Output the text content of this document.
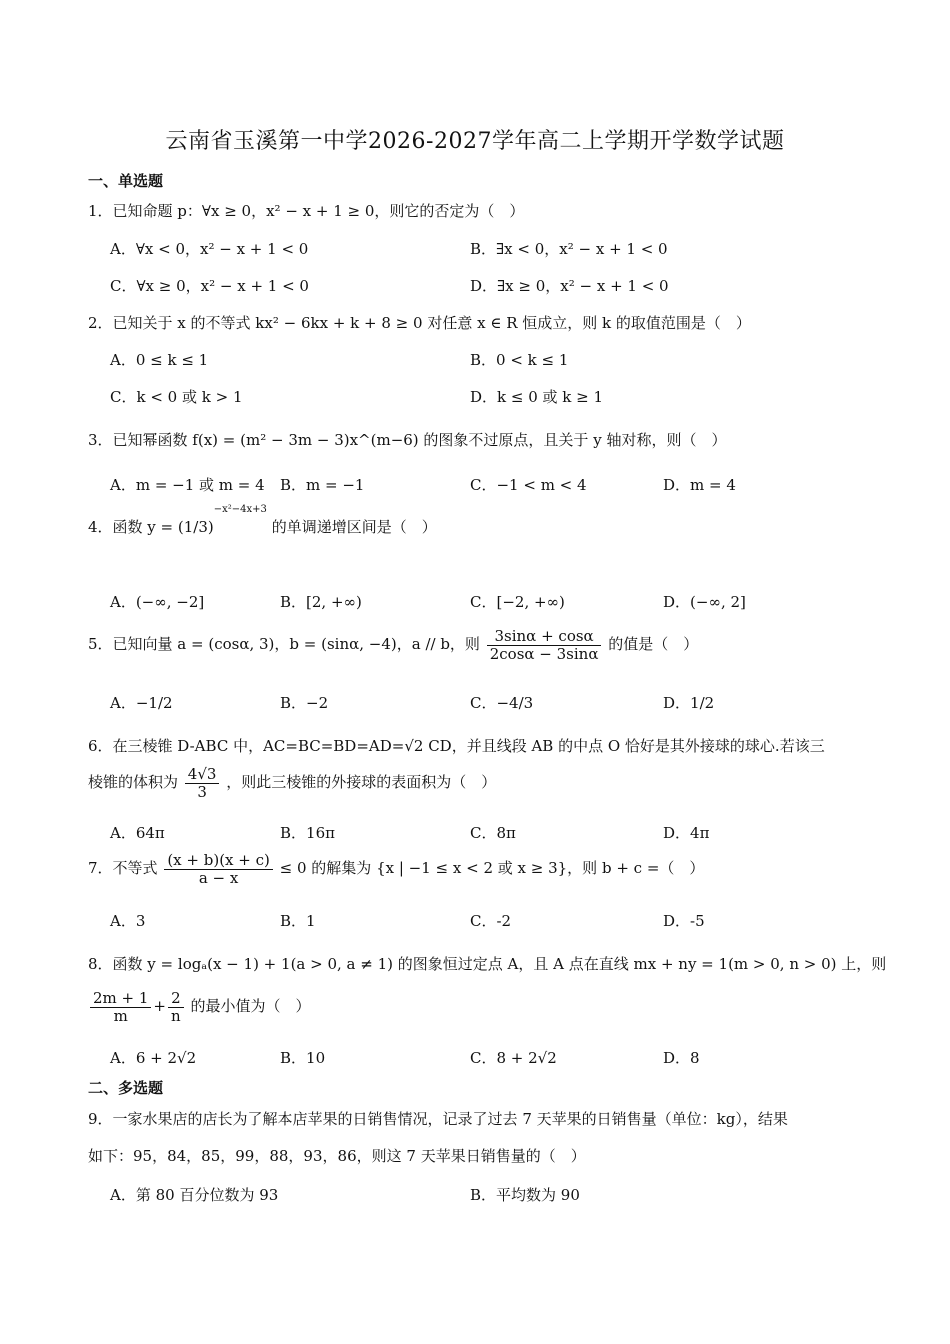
云南省玉溪第一中学2026-2027学年高二上学期开学数学试题
一、单选题
1．已知命题 p：∀x ≥ 0，x² − x + 1 ≥ 0，则它的否定为（　）
A．∀x < 0，x² − x + 1 < 0	B．∃x < 0，x² − x + 1 < 0
C．∀x ≥ 0，x² − x + 1 < 0	D．∃x ≥ 0，x² − x + 1 < 0
2．已知关于 x 的不等式 kx² − 6kx + k + 8 ≥ 0 对任意 x ∈ R 恒成立，则 k 的取值范围是（　）
A．0 ≤ k ≤ 1	B．0 < k ≤ 1
C．k < 0 或 k > 1	D．k ≤ 0 或 k ≥ 1
3．已知幂函数 f(x) = (m² − 3m − 3)x^(m−6) 的图象不过原点，且关于 y 轴对称，则（　）
A．m = −1 或 m = 4 B．m = −1	C．−1 < m < 4	D．m = 4
4．函数 $y = (1/3)^{-x^2-4x+3}$ 的单调递增区间是（　）
A．(−∞, −2]	B．[2, +∞)	C．[−2, +∞)	D．(−∞, 2]
5．已知向量 a = (cosα, 3)，b = (sinα, −4)，a // b，则 $\frac{3\sin\alpha + \cos\alpha}{2\cos\alpha - 3\sin\alpha}$ 的值是（　）
A．−1/2	B．−2	C．−4/3	D．1/2
6．在三棱锥 D-ABC 中，AC=BC=BD=AD=√2 CD，并且线段 AB 的中点 O 恰好是其外接球的球心.若该三
棱锥的体积为 $\frac{4√3}{3}$ ，则此三棱锥的外接球的表面积为（　）
A．64π	B．16π	C．8π	D．4π
7．不等式 $\frac{(x + b)(x + c)}{a - x} \le 0$ 的解集为 {x | −1 ≤ x < 2 或 x ≥ 3}，则 b + c =（　）
A．3	B．1	C．-2	D．-5
8．函数 y = logₐ(x − 1) + 1(a > 0, a ≠ 1) 的图象恒过定点 A，且 A 点在直线 mx + ny = 1(m > 0, n > 0) 上，则
$\frac{2m + 1}{m} + \frac{2}{n}$ 的最小值为（　）
A．6 + 2√2	B．10	C．8 + 2√2	D．8
二、多选题
9．一家水果店的店长为了解本店苹果的日销售情况，记录了过去 7 天苹果的日销售量（单位：kg），结果
如下：95，84，85，99，88，93，86，则这 7 天苹果日销售量的（　）
A．第 80 百分位数为 93	B．平均数为 90
